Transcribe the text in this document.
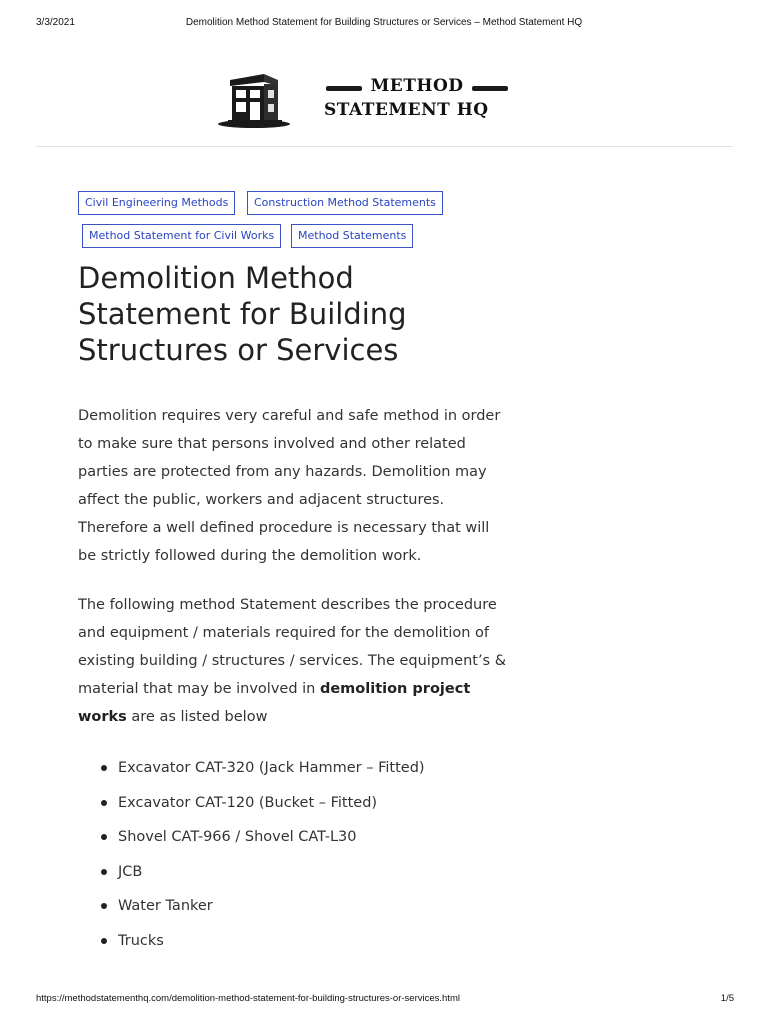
3/3/2021	Demolition Method Statement for Building Structures or Services – Method Statement HQ
METHOD
STATEMENT HQ
Civil Engineering Methods	Construction Method Statements
Method Statement for Civil Works	Method Statements
Demolition Method Statement for Building Structures or Services

Demolition requires very careful and safe method in order to make sure that persons involved and other related parties are protected from any hazards. Demolition may affect the public, workers and adjacent structures. Therefore a well defined procedure is necessary that will be strictly followed during the demolition work.

The following method Statement describes the procedure and equipment / materials required for the demolition of existing building / structures / services. The equipment’s & material that may be involved in demolition project works are as listed below

Excavator CAT-320 (Jack Hammer – Fitted)
Excavator CAT-120 (Bucket – Fitted)
Shovel CAT-966 / Shovel CAT-L30
JCB
Water Tanker
Trucks
https://methodstatementhq.com/demolition-method-statement-for-building-structures-or-services.html	1/5
